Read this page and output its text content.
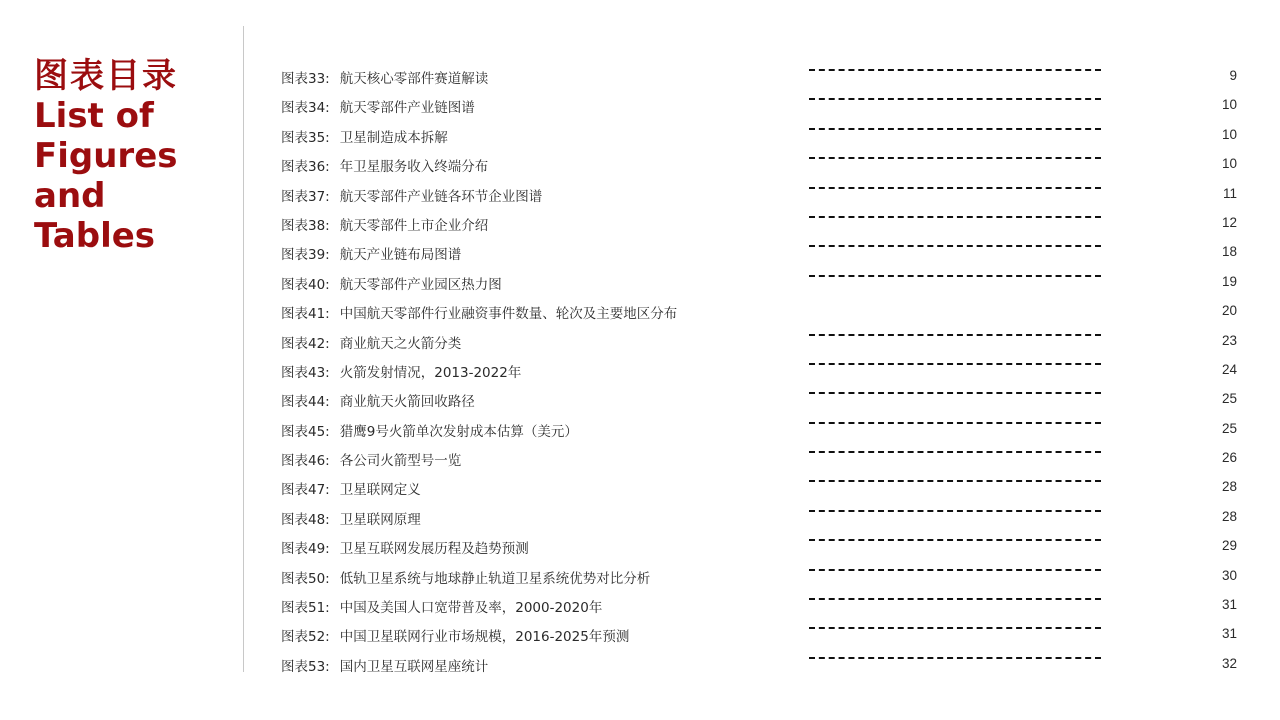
图表目录
List of
Figures
and Tables
图表33: 航天核心零部件赛道解读	9
图表34: 航天零部件产业链图谱	10
图表35: 卫星制造成本拆解	10
图表36: 年卫星服务收入终端分布	10
图表37: 航天零部件产业链各环节企业图谱	11
图表38: 航天零部件上市企业介绍	12
图表39: 航天产业链布局图谱	18
图表40: 航天零部件产业园区热力图	19
图表41: 中国航天零部件行业融资事件数量、轮次及主要地区分布	20
图表42: 商业航天之火箭分类	23
图表43: 火箭发射情况，2013-2022年	24
图表44: 商业航天火箭回收路径	25
图表45: 猎鹰9号火箭单次发射成本估算（美元）	25
图表46: 各公司火箭型号一览	26
图表47: 卫星联网定义	28
图表48: 卫星联网原理	28
图表49: 卫星互联网发展历程及趋势预测	29
图表50: 低轨卫星系统与地球静止轨道卫星系统优势对比分析	30
图表51: 中国及美国人口宽带普及率，2000-2020年	31
图表52: 中国卫星联网行业市场规模，2016-2025年预测	31
图表53: 国内卫星互联网星座统计	32
